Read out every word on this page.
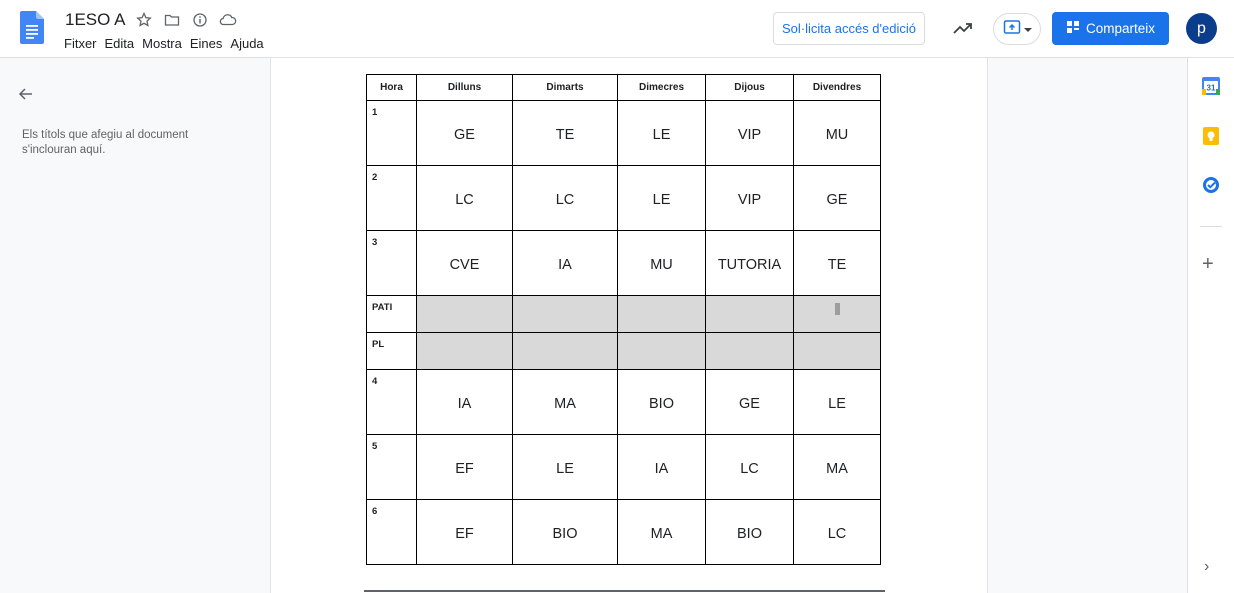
1ESO A
Fitxer Edita Mostra Eines Ajuda
Sol·licita accés d'edició	Comparteix	p
Els títols que afegiu al document s'inclouran aquí.
Hora	Dilluns	Dimarts	Dimecres	Dijous	Divendres
1	GE	TE	LE	VIP	MU
2	LC	LC	LE	VIP	GE
3	CVE	IA	MU	TUTORIA	TE
PATI					
PL					
4	IA	MA	BIO	GE	LE
5	EF	LE	IA	LC	MA
6	EF	BIO	MA	BIO	LC
31
+
›
